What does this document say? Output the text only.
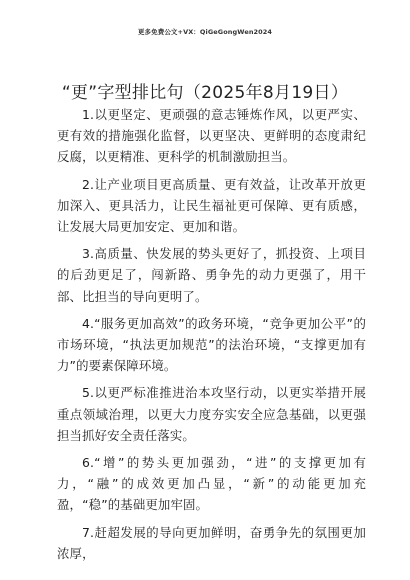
更多免费公文+VX：QiGeGongWen2024
“更”字型排比句（2025年8月19日）

1.以更坚定、更顽强的意志锤炼作风，以更严实、更有效的措施强化监督，以更坚决、更鲜明的态度肃纪反腐，以更精准、更科学的机制激励担当。

2.让产业项目更高质量、更有效益，让改革开放更加深入、更具活力，让民生福祉更可保障、更有质感，让发展大局更加安定、更加和谐。

3.高质量、快发展的势头更好了，抓投资、上项目的后劲更足了，闯新路、勇争先的动力更强了，用干部、比担当的导向更明了。

4.“服务更加高效”的政务环境，“竞争更加公平”的市场环境，“执法更加规范”的法治环境，“支撑更加有力”的要素保障环境。

5.以更严标准推进治本攻坚行动，以更实举措开展重点领域治理，以更大力度夯实安全应急基础，以更强担当抓好安全责任落实。

6.“增”的势头更加强劲，“进”的支撑更加有力，“融”的成效更加凸显，“新”的动能更加充盈，“稳”的基础更加牢固。

7.赶超发展的导向更加鲜明，奋勇争先的氛围更加浓厚，
